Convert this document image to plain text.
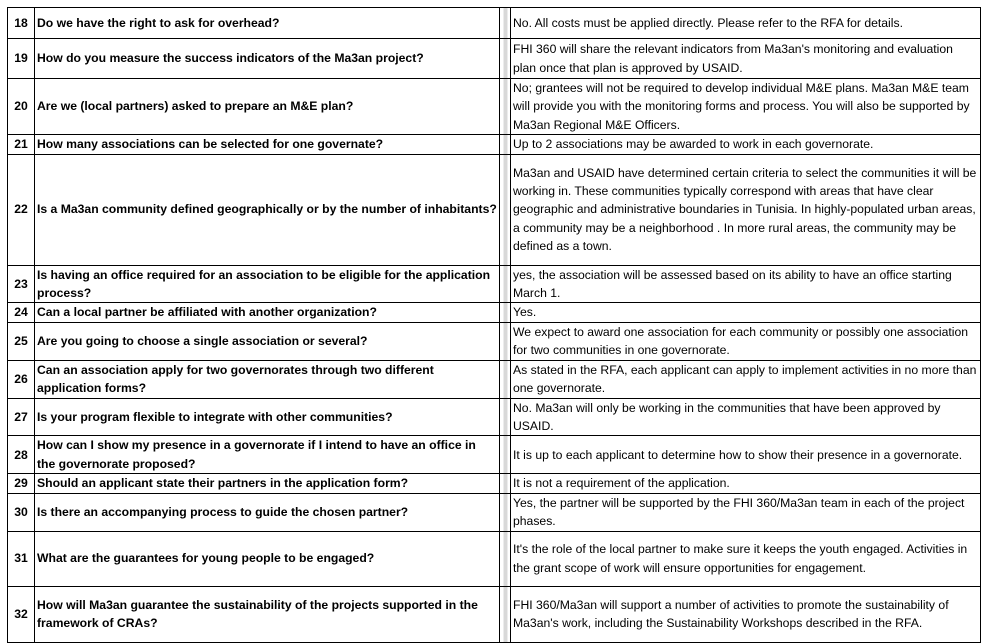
18	Do we have the right to ask for overhead?		No. All costs must be applied directly. Please refer to the RFA for details.
19	How do you measure the success indicators of the Ma3an project?		FHI 360 will share the relevant indicators from Ma3an's monitoring and evaluation plan once that plan is approved by USAID.
20	Are we (local partners) asked to prepare an M&E plan?		No; grantees will not be required to develop individual M&E plans. Ma3an M&E team will provide you with the monitoring forms and process. You will also be supported by Ma3an Regional M&E Officers.
21	How many associations can be selected for one governate?		Up to 2 associations may be awarded to work in each governorate.
22	Is a Ma3an community defined geographically or by the number of inhabitants?		Ma3an and USAID have determined certain criteria to select the communities it will be working in. These communities typically correspond with areas that have clear geographic and administrative boundaries in Tunisia. In highly-populated urban areas, a community may be a neighborhood . In more rural areas, the community may be defined as a town.
23	Is having an office required for an association to be eligible for the application process?		yes, the association will be assessed based on its ability to have an office starting March 1.
24	Can a local partner be affiliated with another organization?		Yes.
25	Are you going to choose a single association or several?		We expect to award one association for each community or possibly one association for two communities in one governorate.
26	Can an association apply for two governorates through two different application forms?		As stated in the RFA, each applicant can apply to implement activities in no more than one governorate.
27	Is your program flexible to integrate with other communities?		No. Ma3an will only be working in the communities that have been approved by USAID.
28	How can I show my presence in a governorate if I intend to have an office in the governorate proposed?		It is up to each applicant to determine how to show their presence in a governorate.
29	Should an applicant state their partners in the application form?		It is not a requirement of the application.
30	Is there an accompanying process to guide the chosen partner?		Yes, the partner will be supported by the FHI 360/Ma3an team in each of the project phases.
31	What are the guarantees for young people to be engaged?		It's the role of the local partner to make sure it keeps the youth engaged. Activities in the grant scope of work will ensure opportunities for engagement.
32	How will Ma3an guarantee the sustainability of the projects supported in the framework of CRAs?		FHI 360/Ma3an will support a number of activities to promote the sustainability of Ma3an's work, including the Sustainability Workshops described in the RFA.
